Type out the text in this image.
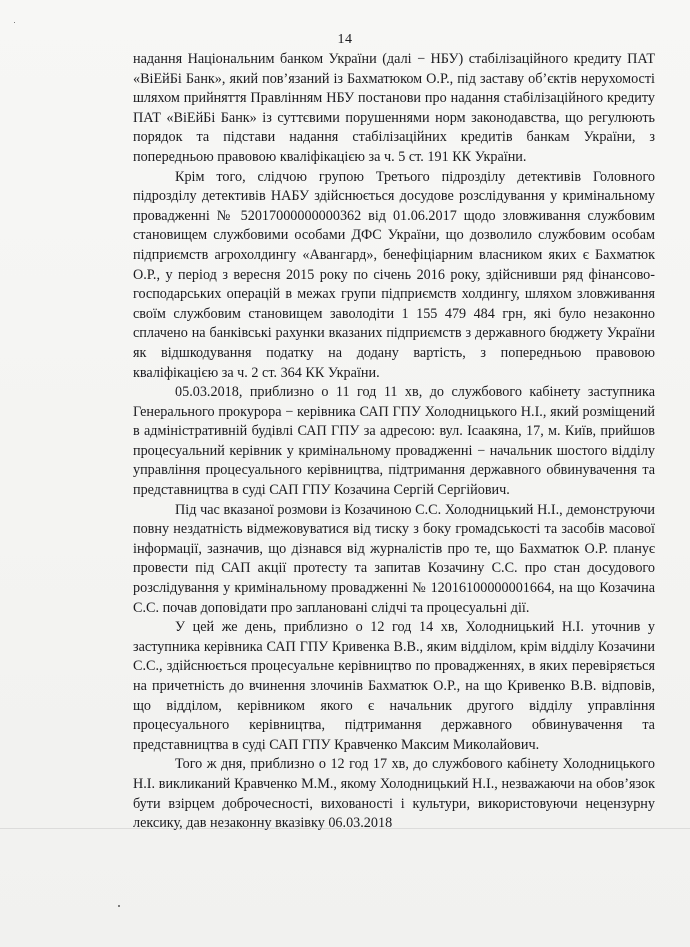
14

надання Національним банком України (далі − НБУ) стабілізаційного кредиту ПАТ «ВіЕйБі Банк», який пов’язаний із Бахматюком О.Р., під заставу об’єктів нерухомості шляхом прийняття Правлінням НБУ постанови про надання стабілізаційного кредиту ПАТ «ВіЕйБі Банк» із суттєвими порушеннями норм законодавства, що регулюють порядок та підстави надання стабілізаційних кредитів банкам України, з попередньою правовою кваліфікацією за ч. 5 ст. 191 КК України.

Крім того, слідчою групою Третього підрозділу детективів Головного підрозділу детективів НАБУ здійснюється досудове розслідування у кримінальному провадженні № 52017000000000362 від 01.06.2017 щодо зловживання службовим становищем службовими особами ДФС України, що дозволило службовим особам підприємств агрохолдингу «Авангард», бенефіціарним власником яких є Бахматюк О.Р., у період з вересня 2015 року по січень 2016 року, здійснивши ряд фінансово-господарських операцій в межах групи підприємств холдингу, шляхом зловживання своїм службовим становищем заволодіти 1 155 479 484 грн, які було незаконно сплачено на банківські рахунки вказаних підприємств з державного бюджету України як відшкодування податку на додану вартість, з попередньою правовою кваліфікацією за ч. 2 ст. 364 КК України.

05.03.2018, приблизно о 11 год 11 хв, до службового кабінету заступника Генерального прокурора − керівника САП ГПУ Холодницького Н.І., який розміщений в адміністративній будівлі САП ГПУ за адресою: вул. Ісаакяна, 17, м. Київ, прийшов процесуальний керівник у кримінальному провадженні − начальник шостого відділу управління процесуального керівництва, підтримання державного обвинувачення та представництва в суді САП ГПУ Козачина Сергій Сергійович.

Під час вказаної розмови із Козачиною С.С. Холодницький Н.І., демонструючи повну нездатність відмежовуватися від тиску з боку громадськості та засобів масової інформації, зазначив, що дізнався від журналістів про те, що Бахматюк О.Р. планує провести під САП акції протесту та запитав Козачину С.С. про стан досудового розслідування у кримінальному провадженні № 12016100000001664, на що Козачина С.С. почав доповідати про заплановані слідчі та процесуальні дії.

У цей же день, приблизно о 12 год 14 хв, Холодницький Н.І. уточнив у заступника керівника САП ГПУ Кривенка В.В., яким відділом, крім відділу Козачини С.С., здійснюється процесуальне керівництво по провадженнях, в яких перевіряється на причетність до вчинення злочинів Бахматюк О.Р., на що Кривенко В.В. відповів, що відділом, керівником якого є начальник другого відділу управління процесуального керівництва, підтримання державного обвинувачення та представництва в суді САП ГПУ Кравченко Максим Миколайович.

Того ж дня, приблизно о 12 год 17 хв, до службового кабінету Холодницького Н.І. викликаний Кравченко М.М., якому Холодницький Н.І., незважаючи на обов’язок бути взірцем доброчесності, вихованості і культури, використовуючи нецензурну лексику, дав незаконну вказівку 06.03.2018
